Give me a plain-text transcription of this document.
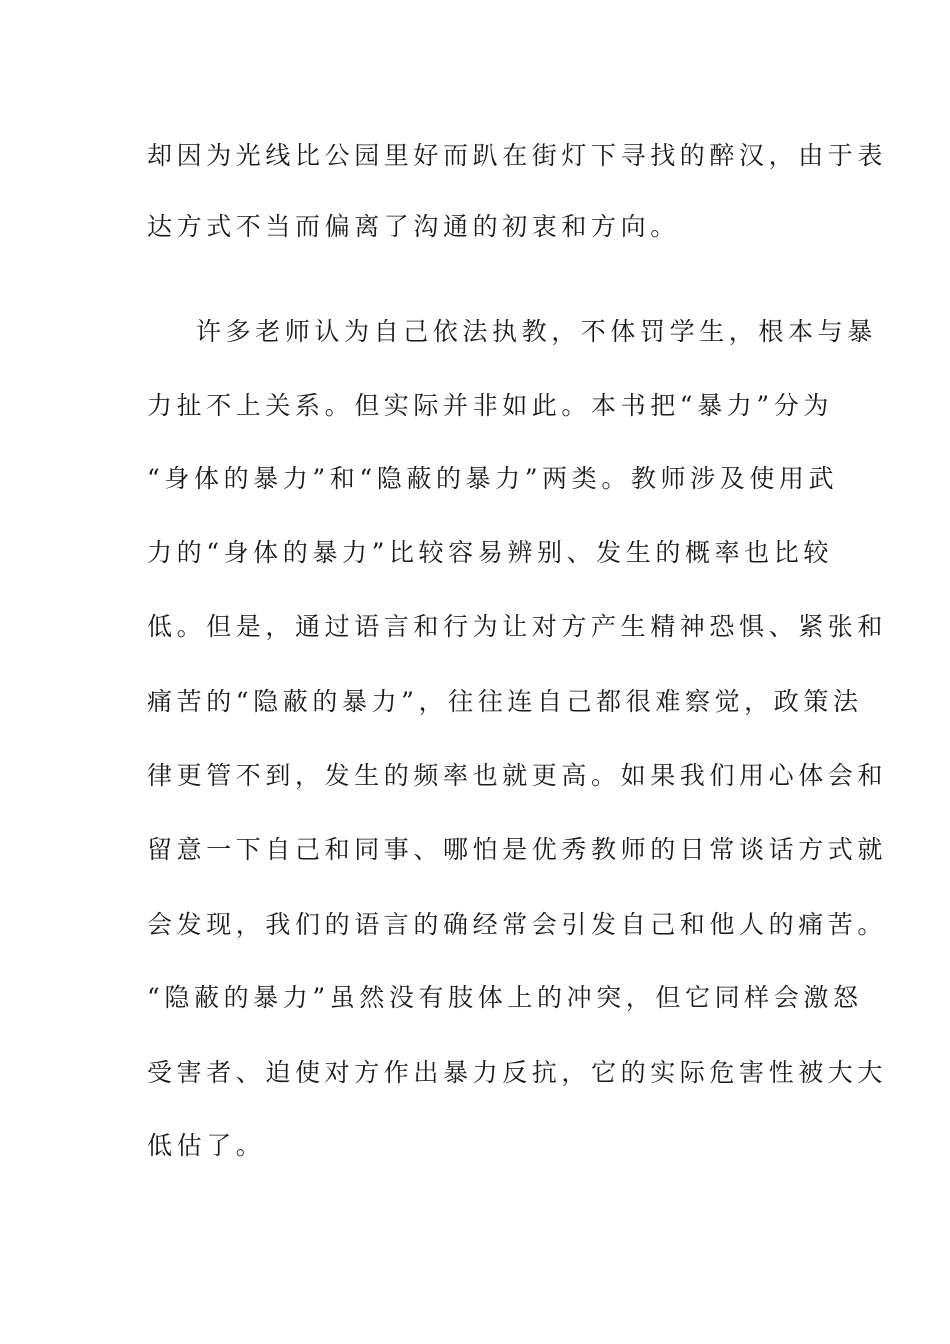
却因为光线比公园里好而趴在街灯下寻找的醉汉，由于表
达方式不当而偏离了沟通的初衷和方向。
许多老师认为自己依法执教，不体罚学生，根本与暴
力扯不上关系。但实际并非如此。本书把“暴力”分为
“身体的暴力”和“隐蔽的暴力”两类。教师涉及使用武
力的“身体的暴力”比较容易辨别、发生的概率也比较
低。但是，通过语言和行为让对方产生精神恐惧、紧张和
痛苦的“隐蔽的暴力”，往往连自己都很难察觉，政策法
律更管不到，发生的频率也就更高。如果我们用心体会和
留意一下自己和同事、哪怕是优秀教师的日常谈话方式就
会发现，我们的语言的确经常会引发自己和他人的痛苦。
“隐蔽的暴力”虽然没有肢体上的冲突，但它同样会激怒
受害者、迫使对方作出暴力反抗，它的实际危害性被大大
低估了。
